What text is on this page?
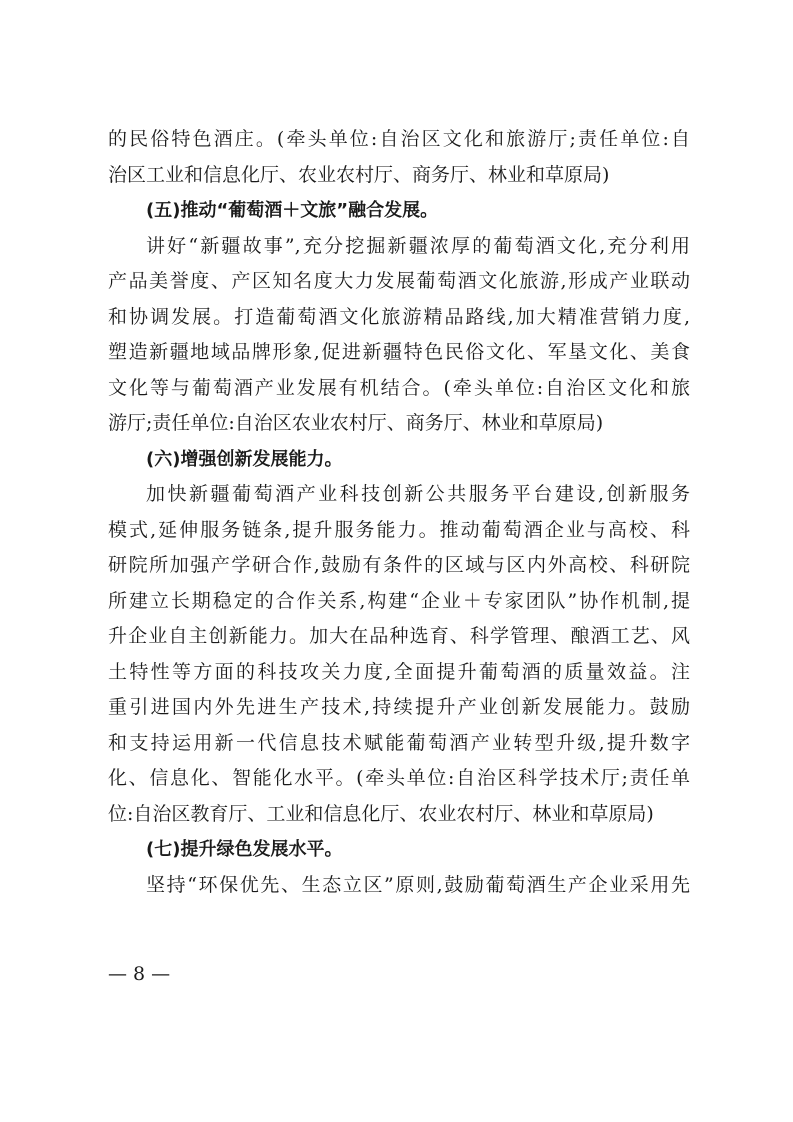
的民俗特色酒庄。(牵头单位:自治区文化和旅游厅;责任单位:自
治区工业和信息化厅、农业农村厅、商务厅、林业和草原局)
(五)推动“葡萄酒＋文旅”融合发展。
讲好“新疆故事”,充分挖掘新疆浓厚的葡萄酒文化,充分利用
产品美誉度、产区知名度大力发展葡萄酒文化旅游,形成产业联动
和协调发展。打造葡萄酒文化旅游精品路线,加大精准营销力度,
塑造新疆地域品牌形象,促进新疆特色民俗文化、军垦文化、美食
文化等与葡萄酒产业发展有机结合。(牵头单位:自治区文化和旅
游厅;责任单位:自治区农业农村厅、商务厅、林业和草原局)
(六)增强创新发展能力。
加快新疆葡萄酒产业科技创新公共服务平台建设,创新服务
模式,延伸服务链条,提升服务能力。推动葡萄酒企业与高校、科
研院所加强产学研合作,鼓励有条件的区域与区内外高校、科研院
所建立长期稳定的合作关系,构建“企业＋专家团队”协作机制,提
升企业自主创新能力。加大在品种选育、科学管理、酿酒工艺、风
土特性等方面的科技攻关力度,全面提升葡萄酒的质量效益。注
重引进国内外先进生产技术,持续提升产业创新发展能力。鼓励
和支持运用新一代信息技术赋能葡萄酒产业转型升级,提升数字
化、信息化、智能化水平。(牵头单位:自治区科学技术厅;责任单
位:自治区教育厅、工业和信息化厅、农业农村厅、林业和草原局)
(七)提升绿色发展水平。
坚持“环保优先、生态立区”原则,鼓励葡萄酒生产企业采用先
— 8 —
